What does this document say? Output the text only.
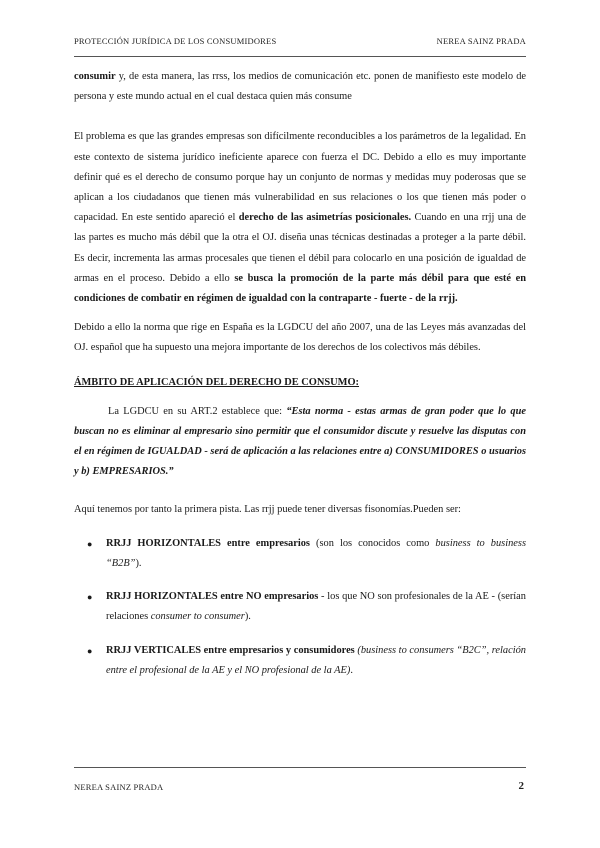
PROTECCIÓN JURÍDICA DE LOS CONSUMIDORES	NEREA SAINZ PRADA

consumir y, de esta manera, las rrss, los medios de comunicación etc. ponen de manifiesto este modelo de persona y este mundo actual en el cual destaca quien más consume

El problema es que las grandes empresas son difícilmente reconducibles a los parámetros de la legalidad. En este contexto de sistema jurídico ineficiente aparece con fuerza el DC. Debido a ello es muy importante definir qué es el derecho de consumo porque hay un conjunto de normas y medidas muy poderosas que se aplican a los ciudadanos que tienen más vulnerabilidad en sus relaciones o los que tienen más poder o capacidad. En este sentido apareció el derecho de las asimetrías posicionales. Cuando en una rrjj una de las partes es mucho más débil que la otra el OJ. diseña unas técnicas destinadas a proteger a la parte débil. Es decir, incrementa las armas procesales que tienen el débil para colocarlo en una posición de igualdad de armas en el proceso. Debido a ello se busca la promoción de la parte más débil para que esté en condiciones de combatir en régimen de igualdad con la contraparte - fuerte - de la rrjj.

Debido a ello la norma que rige en España es la LGDCU del año 2007, una de las Leyes más avanzadas del OJ. español que ha supuesto una mejora importante de los derechos de los colectivos más débiles.

ÁMBITO DE APLICACIÓN DEL DERECHO DE CONSUMO:

La LGDCU en su ART.2 establece que: “Esta norma - estas armas de gran poder que lo que buscan no es eliminar al empresario sino permitir que el consumidor discute y resuelve las disputas con el en régimen de IGUALDAD - será de aplicación a las relaciones entre a) CONSUMIDORES o usuarios y b) EMPRESARIOS.”

Aquí tenemos por tanto la primera pista. Las rrjj puede tener diversas fisonomías.Pueden ser:

● RRJJ HORIZONTALES entre empresarios (son los conocidos como business to business “B2B”).
● RRJJ HORIZONTALES entre NO empresarios - los que NO son profesionales de la AE - (serían relaciones consumer to consumer).
● RRJJ VERTICALES entre empresarios y consumidores (business to consumers “B2C”, relación entre el profesional de la AE y el NO profesional de la AE).
NEREA SAINZ PRADA	2
